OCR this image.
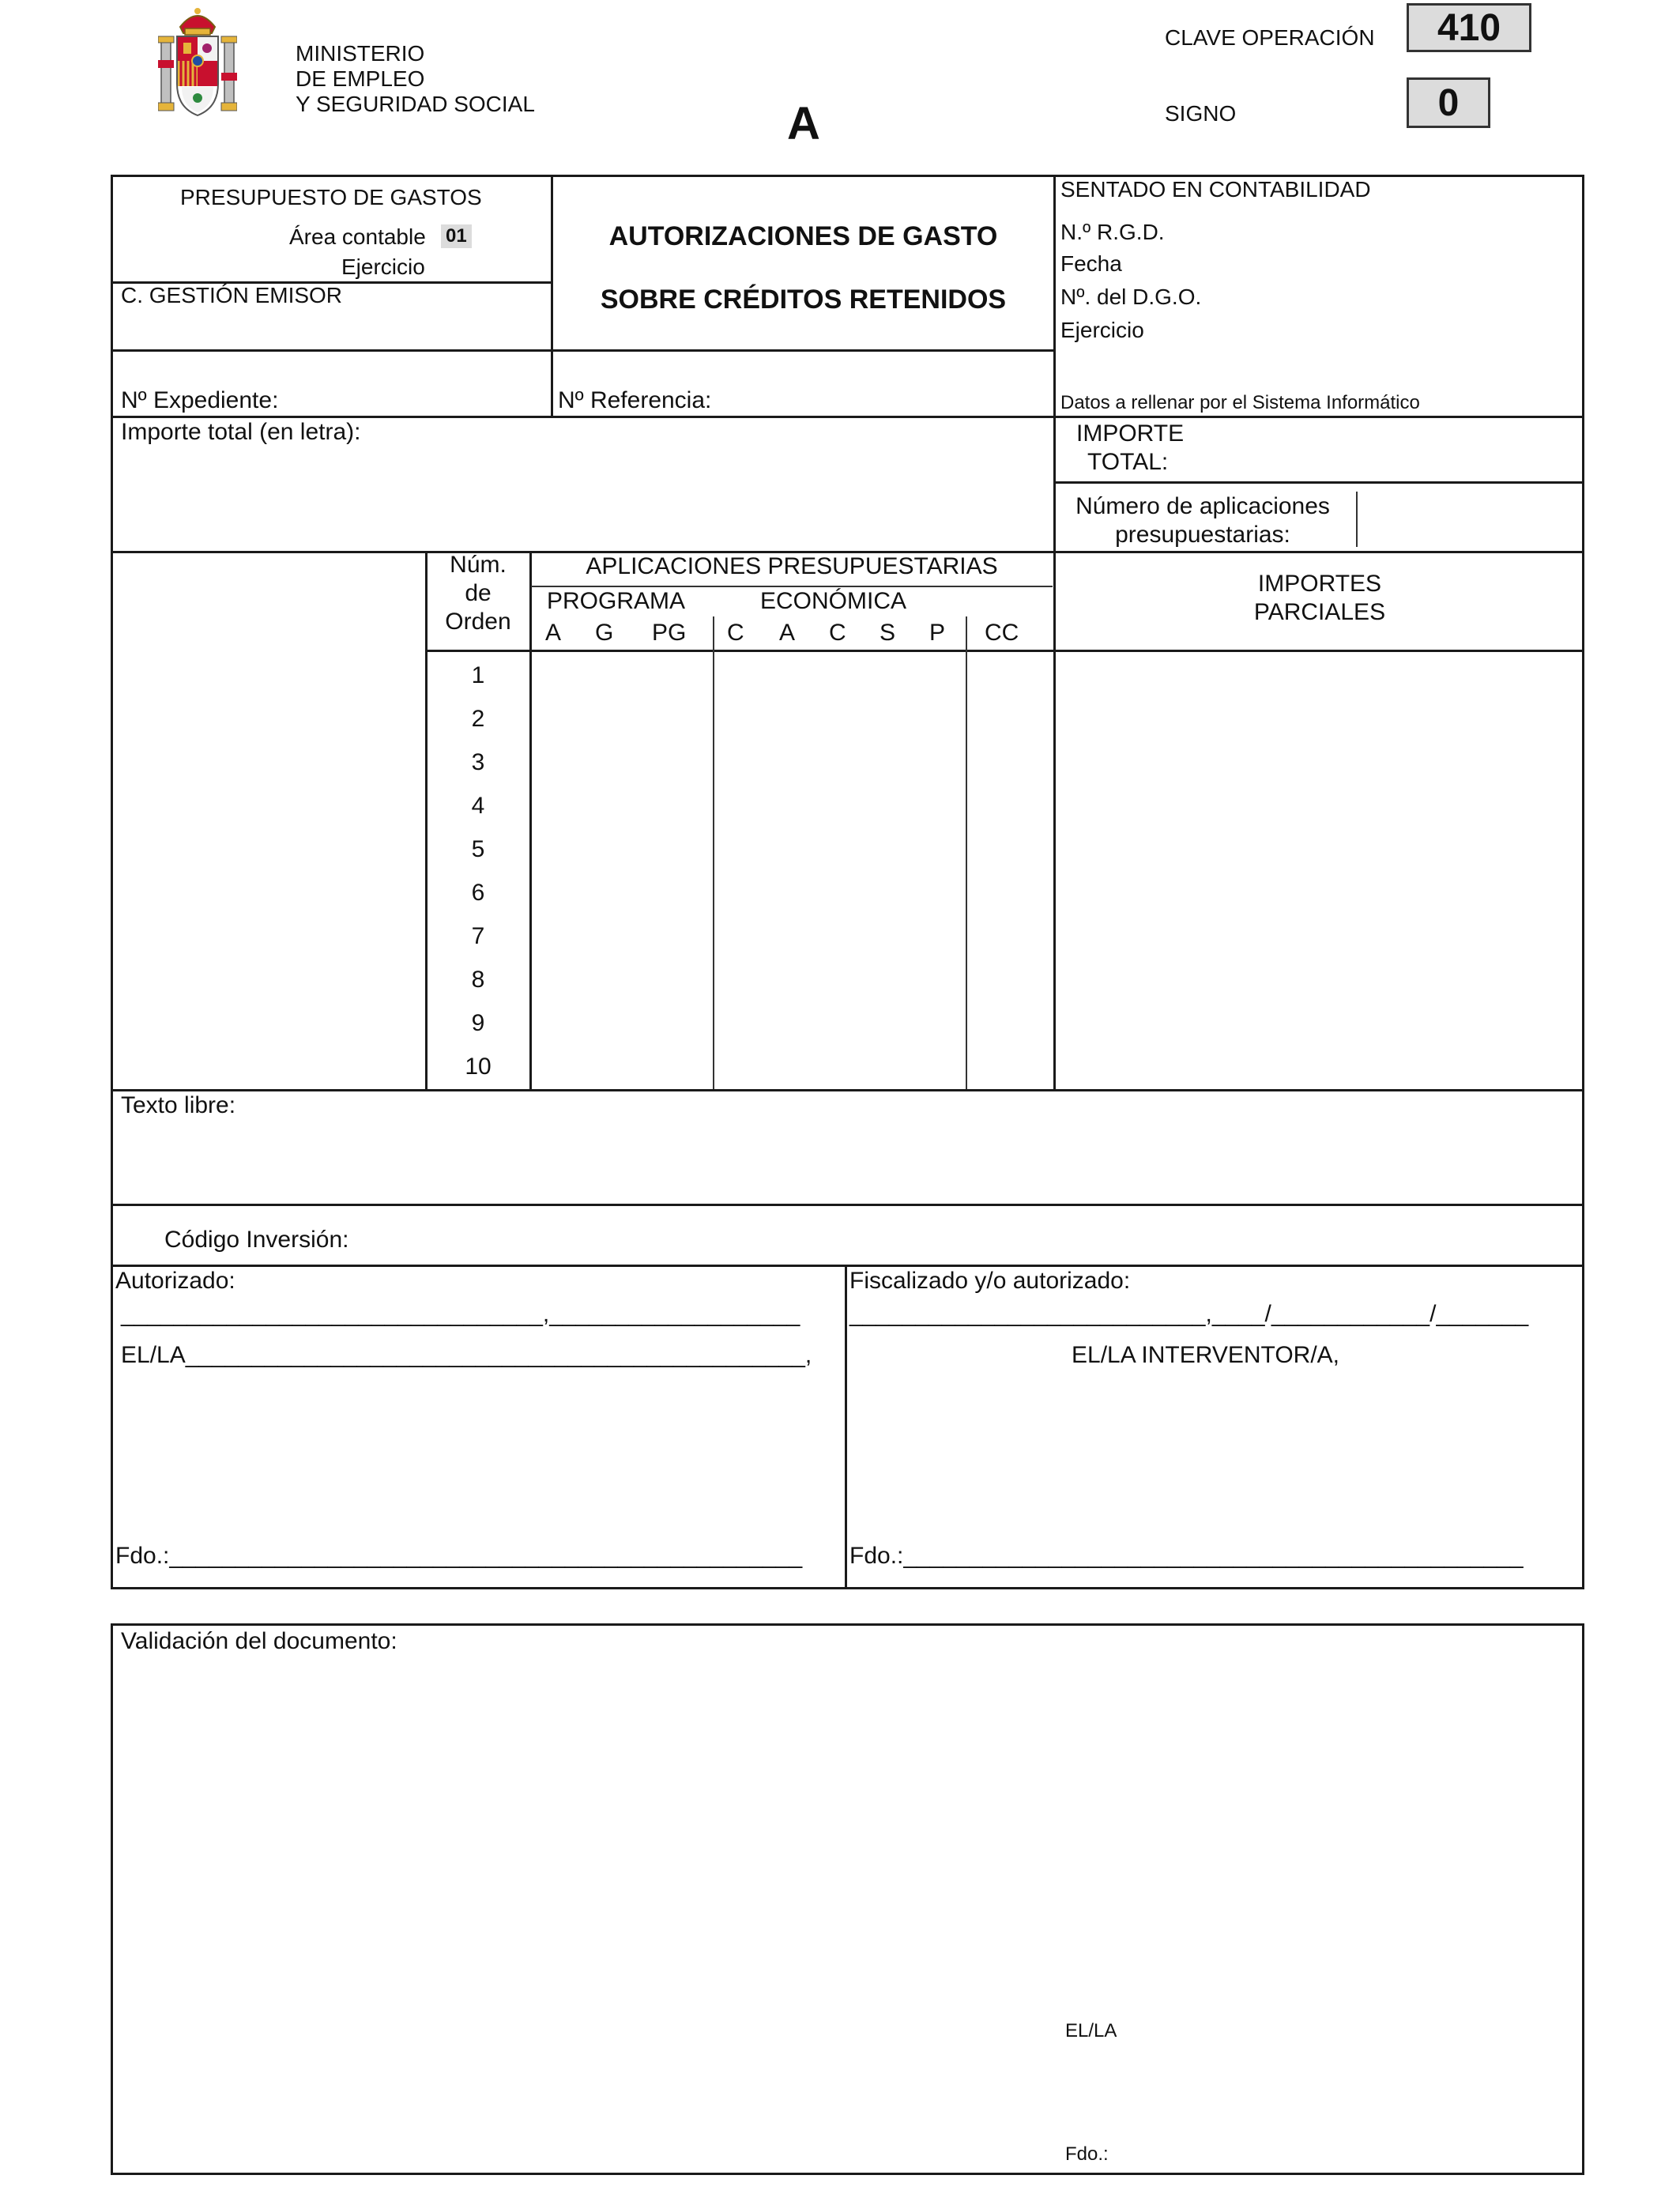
MINISTERIO
DE EMPLEO
Y SEGURIDAD SOCIAL	A
CLAVE OPERACIÓN	410
SIGNO	0
PRESUPUESTO DE GASTOS
Área contable 01
Ejercicio
C. GESTIÓN EMISOR
Nº Expediente:
AUTORIZACIONES DE GASTO
SOBRE CRÉDITOS RETENIDOS
Nº Referencia:
SENTADO EN CONTABILIDAD
N.º R.G.D.
Fecha
Nº. del D.G.O.
Ejercicio
Datos a rellenar por el Sistema Informático
Importe total (en letra):	IMPORTE
TOTAL:
Número de aplicaciones
presupuestarias:
Núm.
de
Orden
APLICACIONES PRESUPUESTARIAS
PROGRAMA	ECONÓMICA
A G PG C A C S P CC
IMPORTES
PARCIALES
1
2
3
4
5
6
7
8
9
10
Texto libre:
Código Inversión:
Autorizado:
________________________________,___________________
EL/LA_______________________________________________,
Fdo.:________________________________________________
Fiscalizado y/o autorizado:
___________________________,____/____________/_______
EL/LA INTERVENTOR/A,
Fdo.:_______________________________________________
Validación del documento:
EL/LA
Fdo.:
